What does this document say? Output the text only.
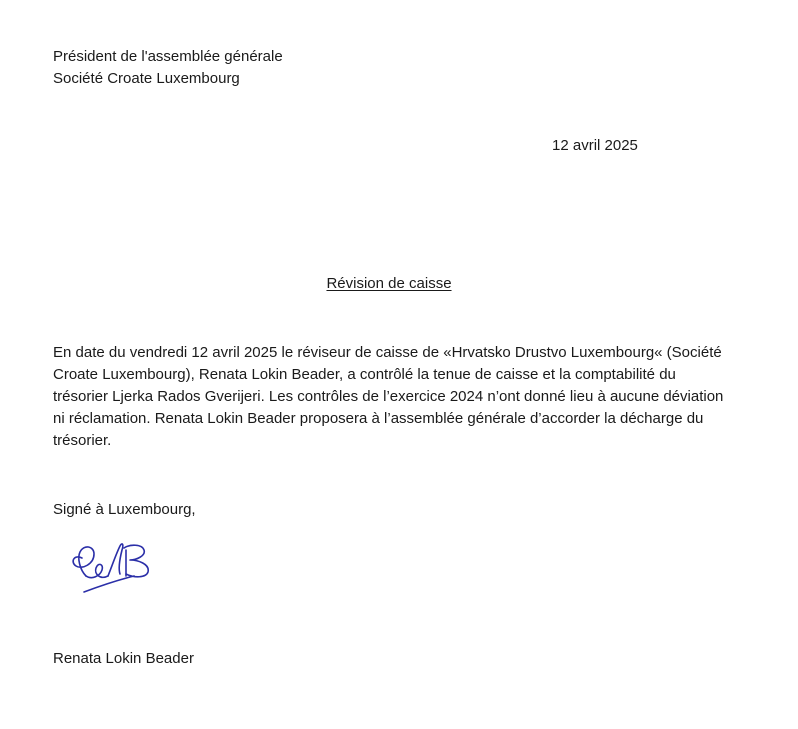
Président de l'assemblée générale
Société Croate Luxembourg
12 avril 2025
Révision de caisse
En date du vendredi 12 avril 2025 le réviseur de caisse de «Hrvatsko Drustvo Luxembourg« (Société
Croate Luxembourg), Renata Lokin Beader, a contrôlé la tenue de caisse et la comptabilité du
trésorier Ljerka Rados Gverijeri. Les contrôles de l’exercice 2024 n’ont donné lieu à aucune déviation
ni réclamation. Renata Lokin Beader proposera à l’assemblée générale d’accorder la décharge du
trésorier.
Signé à Luxembourg,
Renata Lokin Beader
